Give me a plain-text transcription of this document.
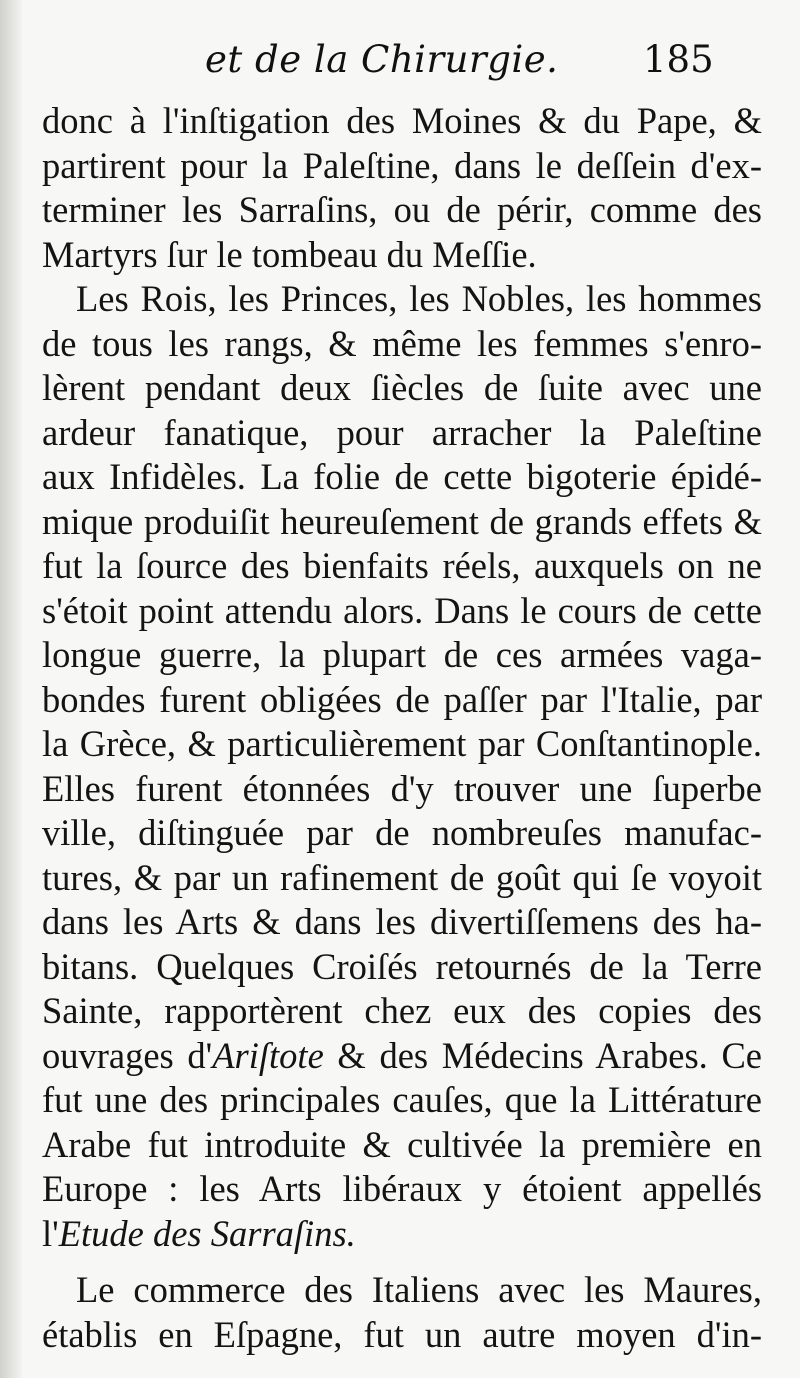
et de la Chirurgie. 185
donc à l'inſtigation des Moines & du Pape, &
partirent pour la Paleſtine, dans le deſſein d'ex-
terminer les Sarraſins, ou de périr, comme des
Martyrs ſur le tombeau du Meſſie.
Les Rois, les Princes, les Nobles, les hommes
de tous les rangs, & même les femmes s'enro-
lèrent pendant deux ſiècles de ſuite avec une
ardeur fanatique, pour arracher la Paleſtine
aux Infidèles. La folie de cette bigoterie épidé-
mique produiſit heureuſement de grands effets &
fut la ſource des bienfaits réels, auxquels on ne
s'étoit point attendu alors. Dans le cours de cette
longue guerre, la plupart de ces armées vaga-
bondes furent obligées de paſſer par l'Italie, par
la Grèce, & particulièrement par Conſtantinople.
Elles furent étonnées d'y trouver une ſuperbe
ville, diſtinguée par de nombreuſes manufac-
tures, & par un rafinement de goût qui ſe voyoit
dans les Arts & dans les divertiſſemens des ha-
bitans. Quelques Croiſés retournés de la Terre
Sainte, rapportèrent chez eux des copies des
ouvrages d'Ariſtote & des Médecins Arabes. Ce
fut une des principales cauſes, que la Littérature
Arabe fut introduite & cultivée la première en
Europe : les Arts libéraux y étoient appellés
l'Etude des Sarraſins.
Le commerce des Italiens avec les Maures,
établis en Eſpagne, fut un autre moyen d'in-
